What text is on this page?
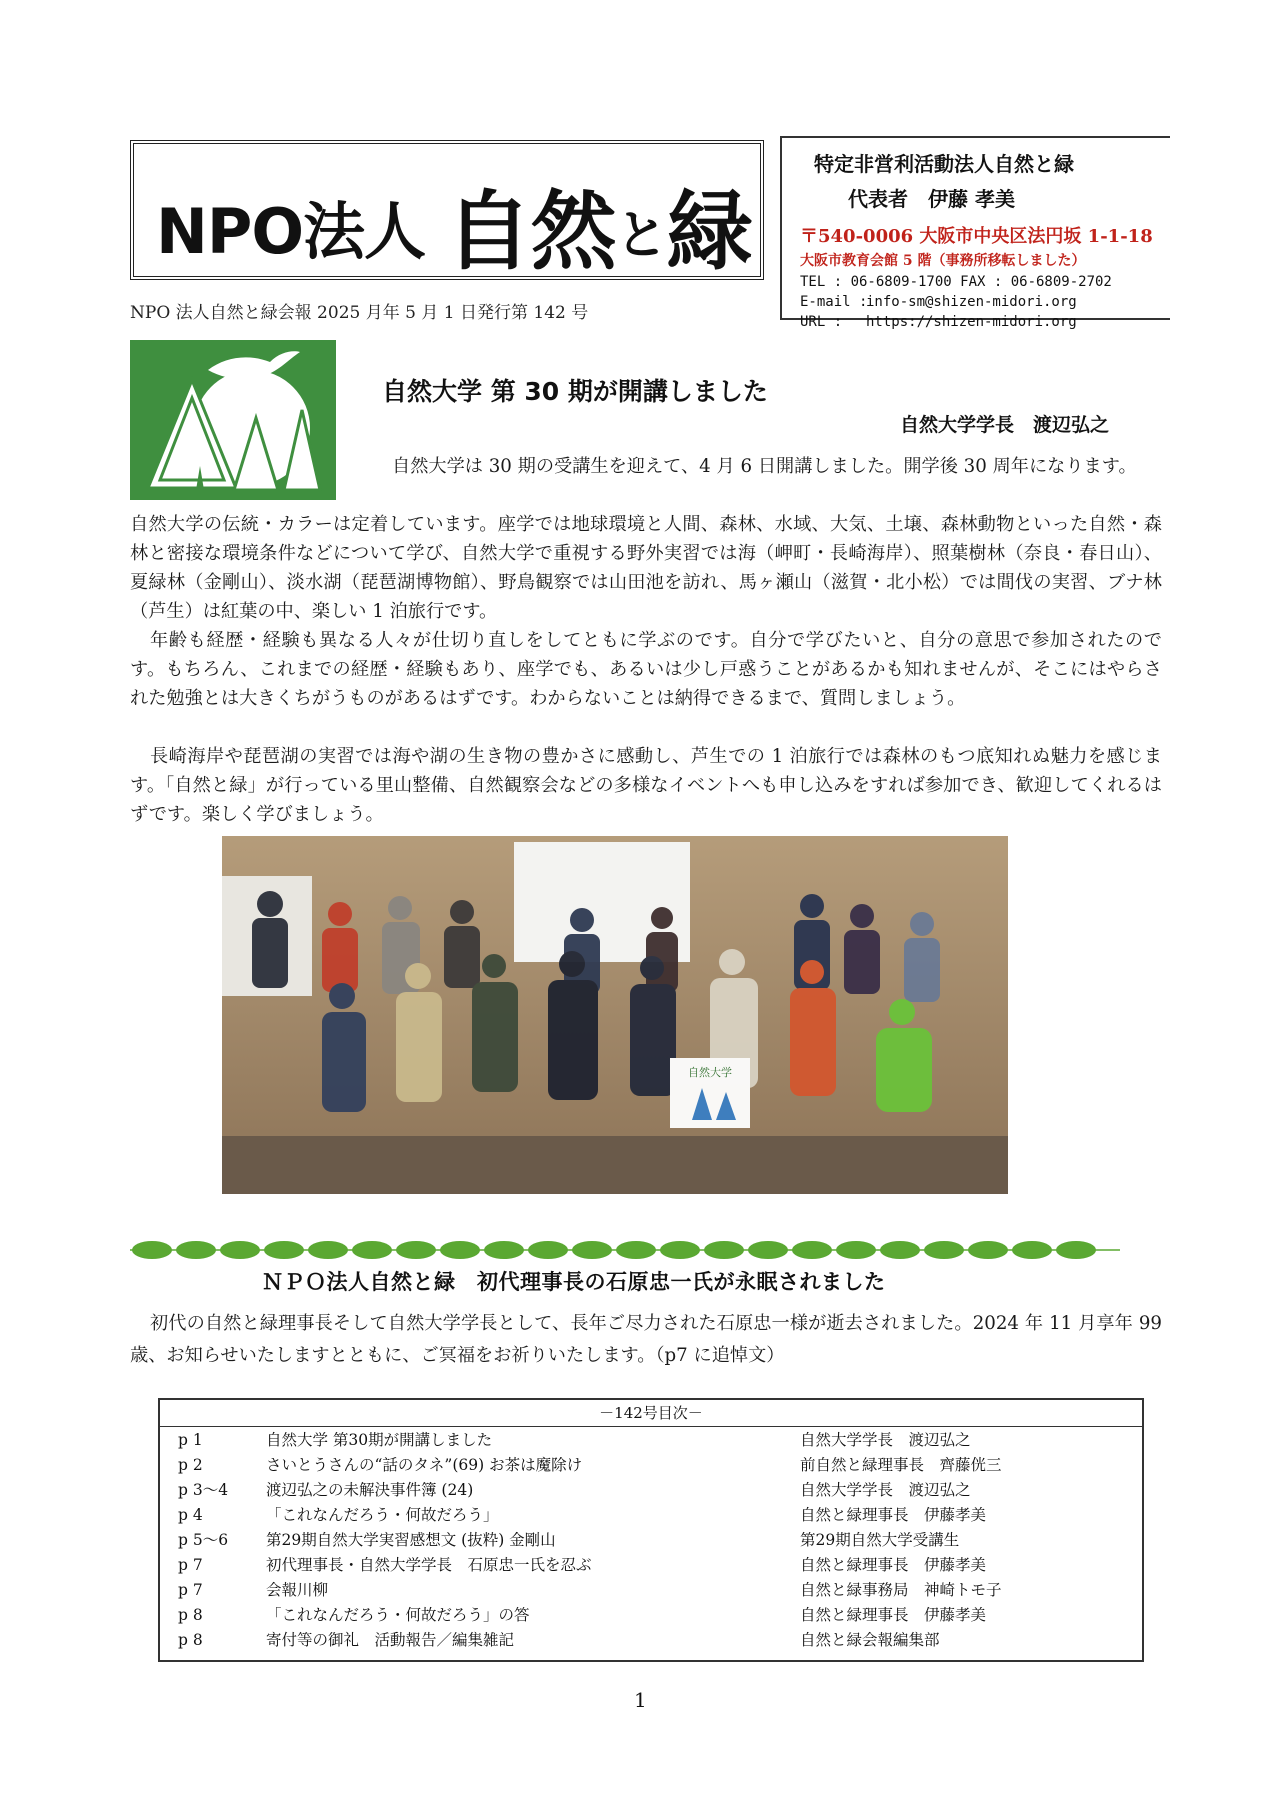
NPO法人 自然と緑
NPO 法人自然と緑会報 2025 月年 5 月 1 日発行第 142 号
特定非営利活動法人自然と緑
代表者　伊藤 孝美
〒540-0006 大阪市中央区法円坂 1-1-18
大阪市教育会館 5 階（事務所移転しました）
TEL : 06-6809-1700 FAX : 06-6809-2702
E-mail :info-sm@shizen-midori.org
URL : https://shizen-midori.org
自然大学 第 30 期が開講しました
自然大学学長　渡辺弘之
自然大学は 30 期の受講生を迎えて、4 月 6 日開講しました。開学後 30 周年になります。
自然大学の伝統・カラーは定着しています。座学では地球環境と人間、森林、水域、大気、土壌、森林動物といった自然・森林と密接な環境条件などについて学び、自然大学で重視する野外実習では海（岬町・長崎海岸）、照葉樹林（奈良・春日山）、夏緑林（金剛山）、淡水湖（琵琶湖博物館）、野鳥観察では山田池を訪れ、馬ヶ瀬山（滋賀・北小松）では間伐の実習、ブナ林（芦生）は紅葉の中、楽しい 1 泊旅行です。
年齢も経歴・経験も異なる人々が仕切り直しをしてともに学ぶのです。自分で学びたいと、自分の意思で参加されたのです。もちろん、これまでの経歴・経験もあり、座学でも、あるいは少し戸惑うことがあるかも知れませんが、そこにはやらされた勉強とは大きくちがうものがあるはずです。わからないことは納得できるまで、質問しましょう。
長崎海岸や琵琶湖の実習では海や湖の生き物の豊かさに感動し、芦生での 1 泊旅行では森林のもつ底知れぬ魅力を感じます。「自然と緑」が行っている里山整備、自然観察会などの多様なイベントへも申し込みをすれば参加でき、歓迎してくれるはずです。楽しく学びましょう。
自然大学
ＮＰＯ法人自然と緑　初代理事長の石原忠一氏が永眠されました
初代の自然と緑理事長そして自然大学学長として、長年ご尽力された石原忠一様が逝去されました。2024 年 11 月享年 99 歳、お知らせいたしますとともに、ご冥福をお祈りいたします。（p7 に追悼文）
－142号目次－
p 1	自然大学 第30期が開講しました	自然大学学長　渡辺弘之
p 2	さいとうさんの“話のタネ”(69) お茶は魔除け	前自然と緑理事長　齊藤侊三
p 3～4 渡辺弘之の未解決事件簿 (24)	自然大学学長　渡辺弘之
p 4	「これなんだろう・何故だろう」	自然と緑理事長　伊藤孝美
p 5～6 第29期自然大学実習感想文 (抜粋) 金剛山	第29期自然大学受講生
p 7	初代理事長・自然大学学長　石原忠一氏を忍ぶ	自然と緑理事長　伊藤孝美
p 7	会報川柳	自然と緑事務局　神崎トモ子
p 8	「これなんだろう・何故だろう」の答	自然と緑理事長　伊藤孝美
p 8	寄付等の御礼　活動報告／編集雑記	自然と緑会報編集部
1
